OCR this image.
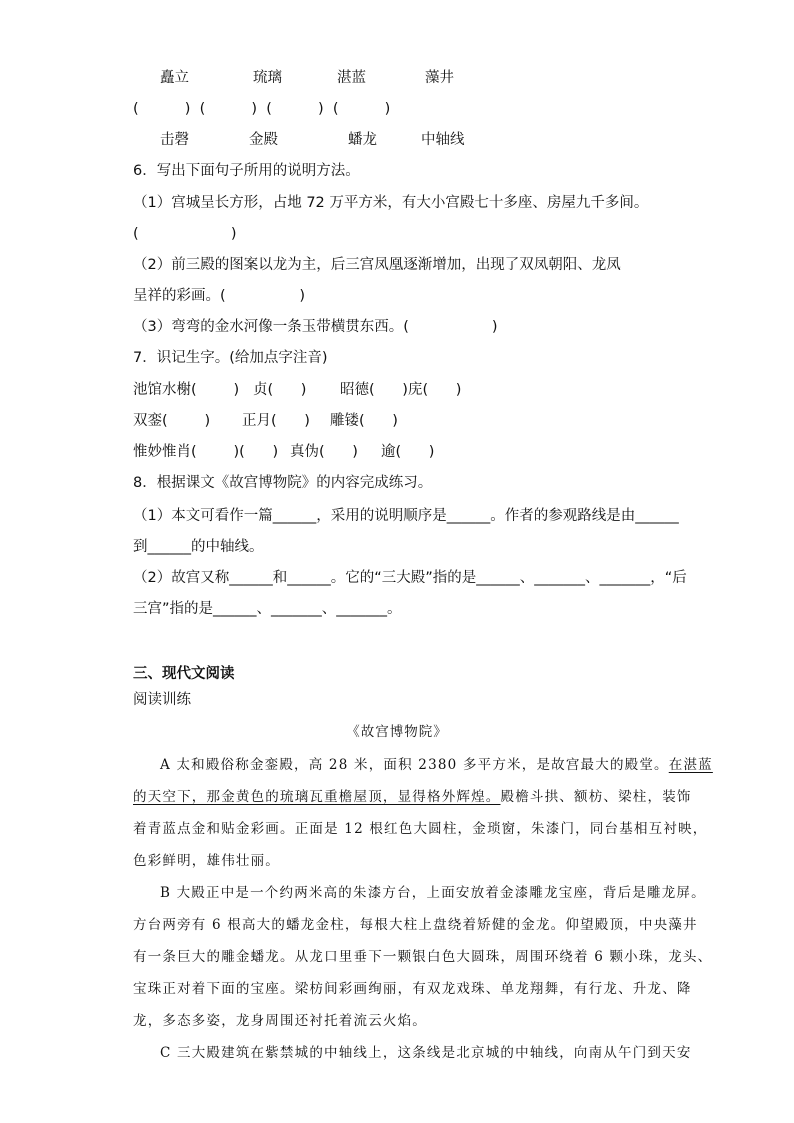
矗立	琉璃	湛蓝	藻井
(          )  (          )  (          )  (          )
击磬	金殿	蟠龙	中轴线
6．写出下面句子所用的说明方法。
（1）宫城呈长方形，占地 72 万平方米，有大小宫殿七十多座、房屋九千多间。
(                    )
（2）前三殿的图案以龙为主，后三宫凤凰逐渐增加，出现了双凤朝阳、龙凤
呈祥的彩画。(                )
（3）弯弯的金水河像一条玉带横贯东西。(                  )
7．识记生字。(给加点字注音)
池馆水榭(        ) 贞(      ) 昭德(      )庑(      )
双銮(        ) 正月(      ) 雕镂(      )
惟妙惟肖(        )(      ) 真伪(      ) 逾(      )
8．根据课文《故宫博物院》的内容完成练习。
（1）本文可看作一篇______，采用的说明顺序是______。作者的参观路线是由______
到______的中轴线。
（2）故宫又称______和______。它的“三大殿”指的是______、_______、_______，“后
三宫”指的是______、_______、_______。
三、现代文阅读
阅读训练
《故宫博物院》
A 太和殿俗称金銮殿，高 28 米，面积 2380 多平方米，是故宫最大的殿堂。在湛蓝
的天空下，那金黄色的琉璃瓦重檐屋顶，显得格外辉煌。殿檐斗拱、额枋、梁柱，装饰
着青蓝点金和贴金彩画。正面是 12 根红色大圆柱，金琐窗，朱漆门，同台基相互衬映，
色彩鲜明，雄伟壮丽。
B 大殿正中是一个约两米高的朱漆方台，上面安放着金漆雕龙宝座，背后是雕龙屏。
方台两旁有 6 根高大的蟠龙金柱，每根大柱上盘绕着矫健的金龙。仰望殿顶，中央藻井
有一条巨大的雕金蟠龙。从龙口里垂下一颗银白色大圆珠，周围环绕着 6 颗小珠，龙头、
宝珠正对着下面的宝座。梁枋间彩画绚丽，有双龙戏珠、单龙翔舞，有行龙、升龙、降
龙，多态多姿，龙身周围还衬托着流云火焰。
C 三大殿建筑在紫禁城的中轴线上，这条线是北京城的中轴线，向南从午门到天安
